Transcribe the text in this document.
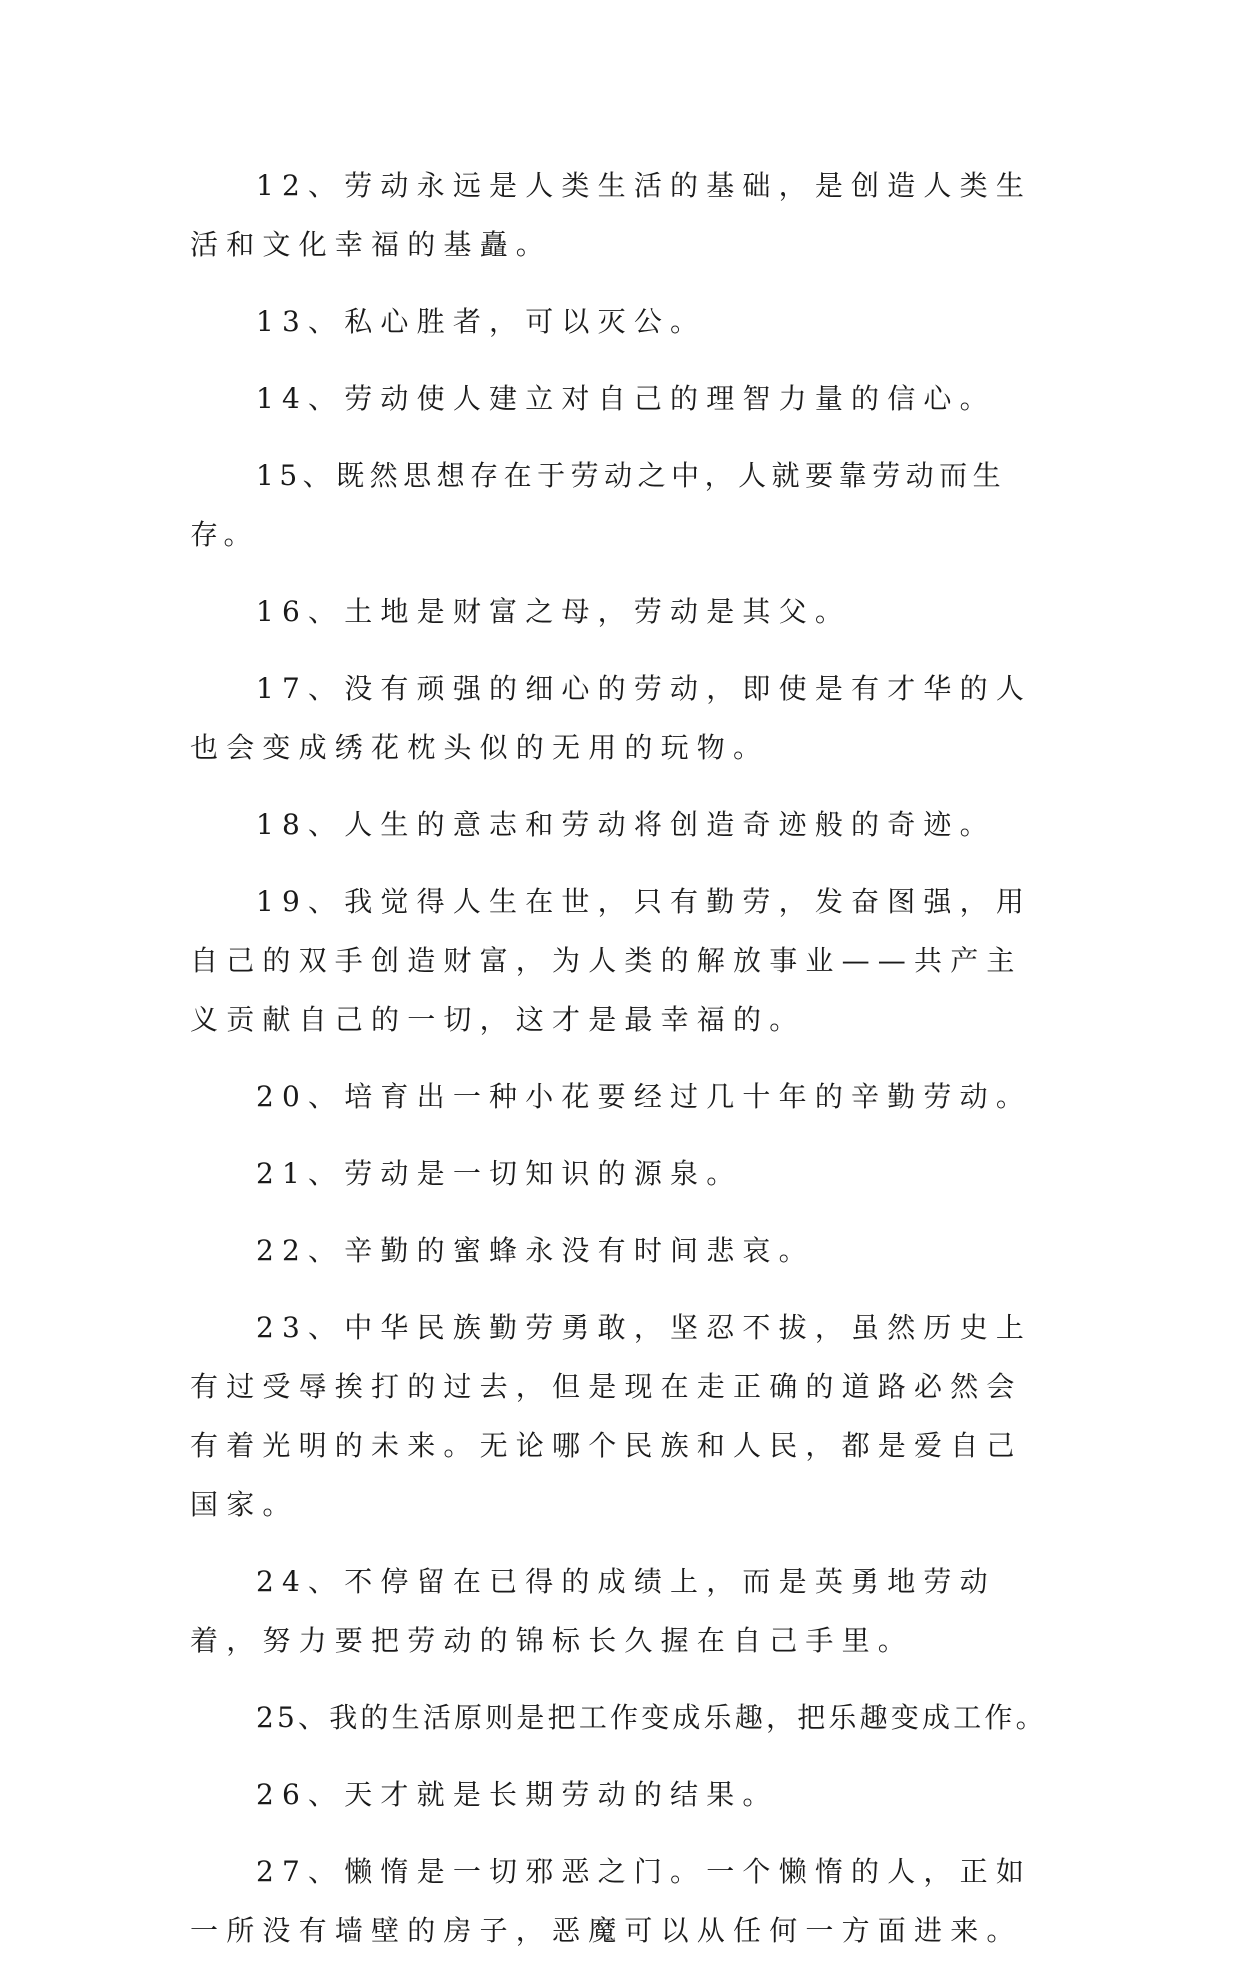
12、劳动永远是人类生活的基础，是创造人类生活和文化幸福的基矗。

13、私心胜者，可以灭公。

14、劳动使人建立对自己的理智力量的信心。

15、既然思想存在于劳动之中，人就要靠劳动而生存。

16、土地是财富之母，劳动是其父。

17、没有顽强的细心的劳动，即使是有才华的人也会变成绣花枕头似的无用的玩物。

18、人生的意志和劳动将创造奇迹般的奇迹。

19、我觉得人生在世，只有勤劳，发奋图强，用自己的双手创造财富，为人类的解放事业——共产主义贡献自己的一切，这才是最幸福的。

20、培育出一种小花要经过几十年的辛勤劳动。

21、劳动是一切知识的源泉。

22、辛勤的蜜蜂永没有时间悲哀。

23、中华民族勤劳勇敢，坚忍不拔，虽然历史上有过受辱挨打的过去，但是现在走正确的道路必然会有着光明的未来。无论哪个民族和人民，都是爱自己国家。

24、不停留在已得的成绩上，而是英勇地劳动着，努力要把劳动的锦标长久握在自己手里。

25、我的生活原则是把工作变成乐趣，把乐趣变成工作。

26、天才就是长期劳动的结果。

27、懒惰是一切邪恶之门。一个懒惰的人，正如一所没有墙壁的房子，恶魔可以从任何一方面进来。
